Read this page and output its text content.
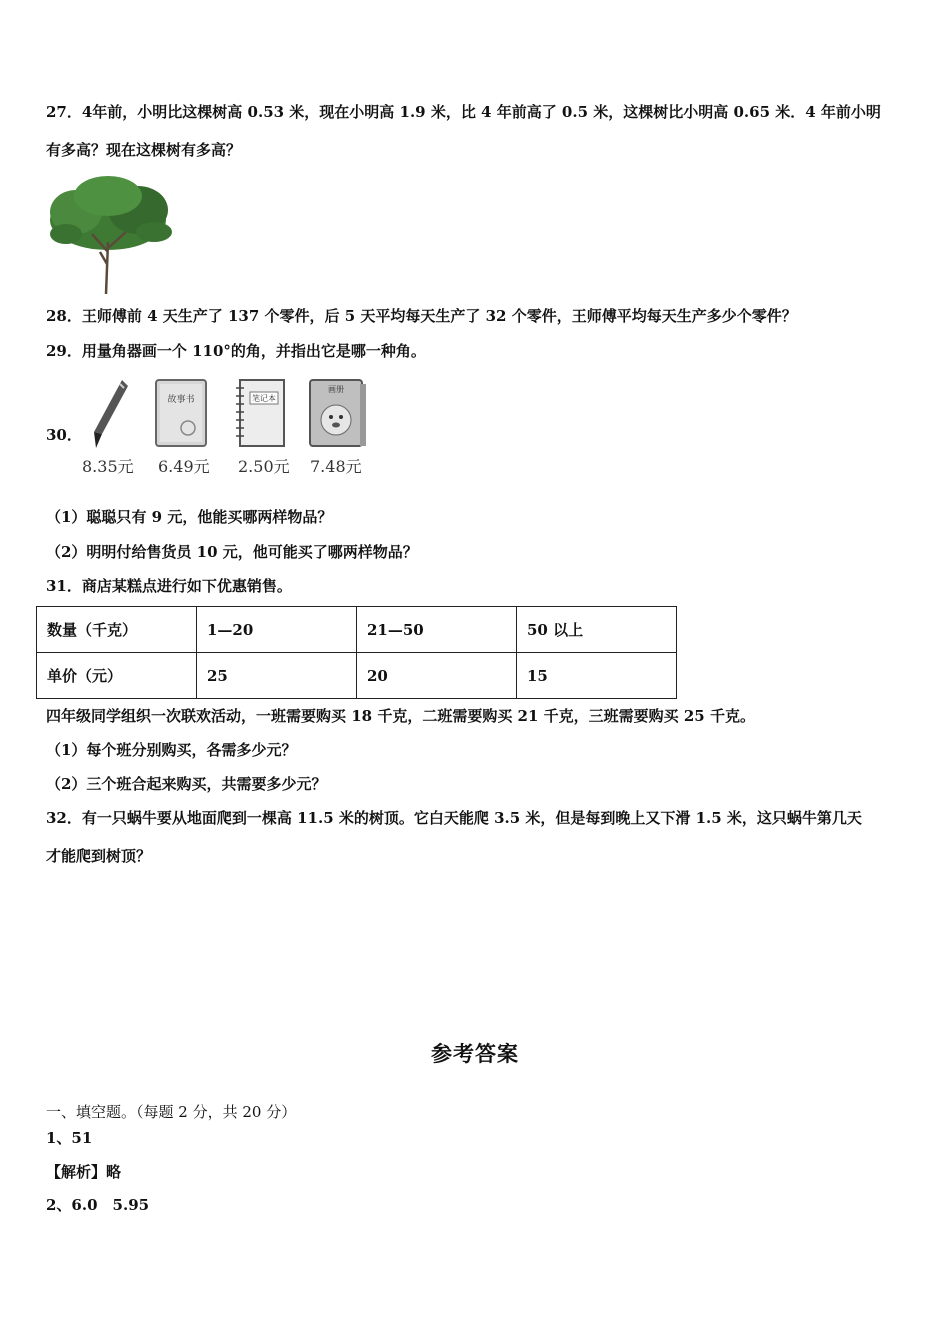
27．4年前，小明比这棵树高 0.53 米，现在小明高 1.9 米，比 4 年前高了 0.5 米，这棵树比小明高 0.65 米．4 年前小明
有多高？现在这棵树有多高？
28．王师傅前 4 天生产了 137 个零件，后 5 天平均每天生产了 32 个零件，王师傅平均每天生产多少个零件？
29．用量角器画一个 110°的角，并指出它是哪一种角。
30．
8.35元
故事书
6.49元
笔记本
2.50元
画册
7.48元
（1）聪聪只有 9 元，他能买哪两样物品？
（2）明明付给售货员 10 元，他可能买了哪两样物品？
31．商店某糕点进行如下优惠销售。
数量（千克）	1—20	21—50	50 以上
单价（元）	25	20	15
四年级同学组织一次联欢活动，一班需要购买 18 千克，二班需要购买 21 千克，三班需要购买 25 千克。
（1）每个班分别购买，各需多少元？
（2）三个班合起来购买，共需要多少元？
32．有一只蜗牛要从地面爬到一棵高 11.5 米的树顶。它白天能爬 3.5 米，但是每到晚上又下滑 1.5 米，这只蜗牛第几天
才能爬到树顶？
参考答案
一、填空题。（每题 2 分，共 20 分）
1、51
【解析】略
2、6.0　5.95
